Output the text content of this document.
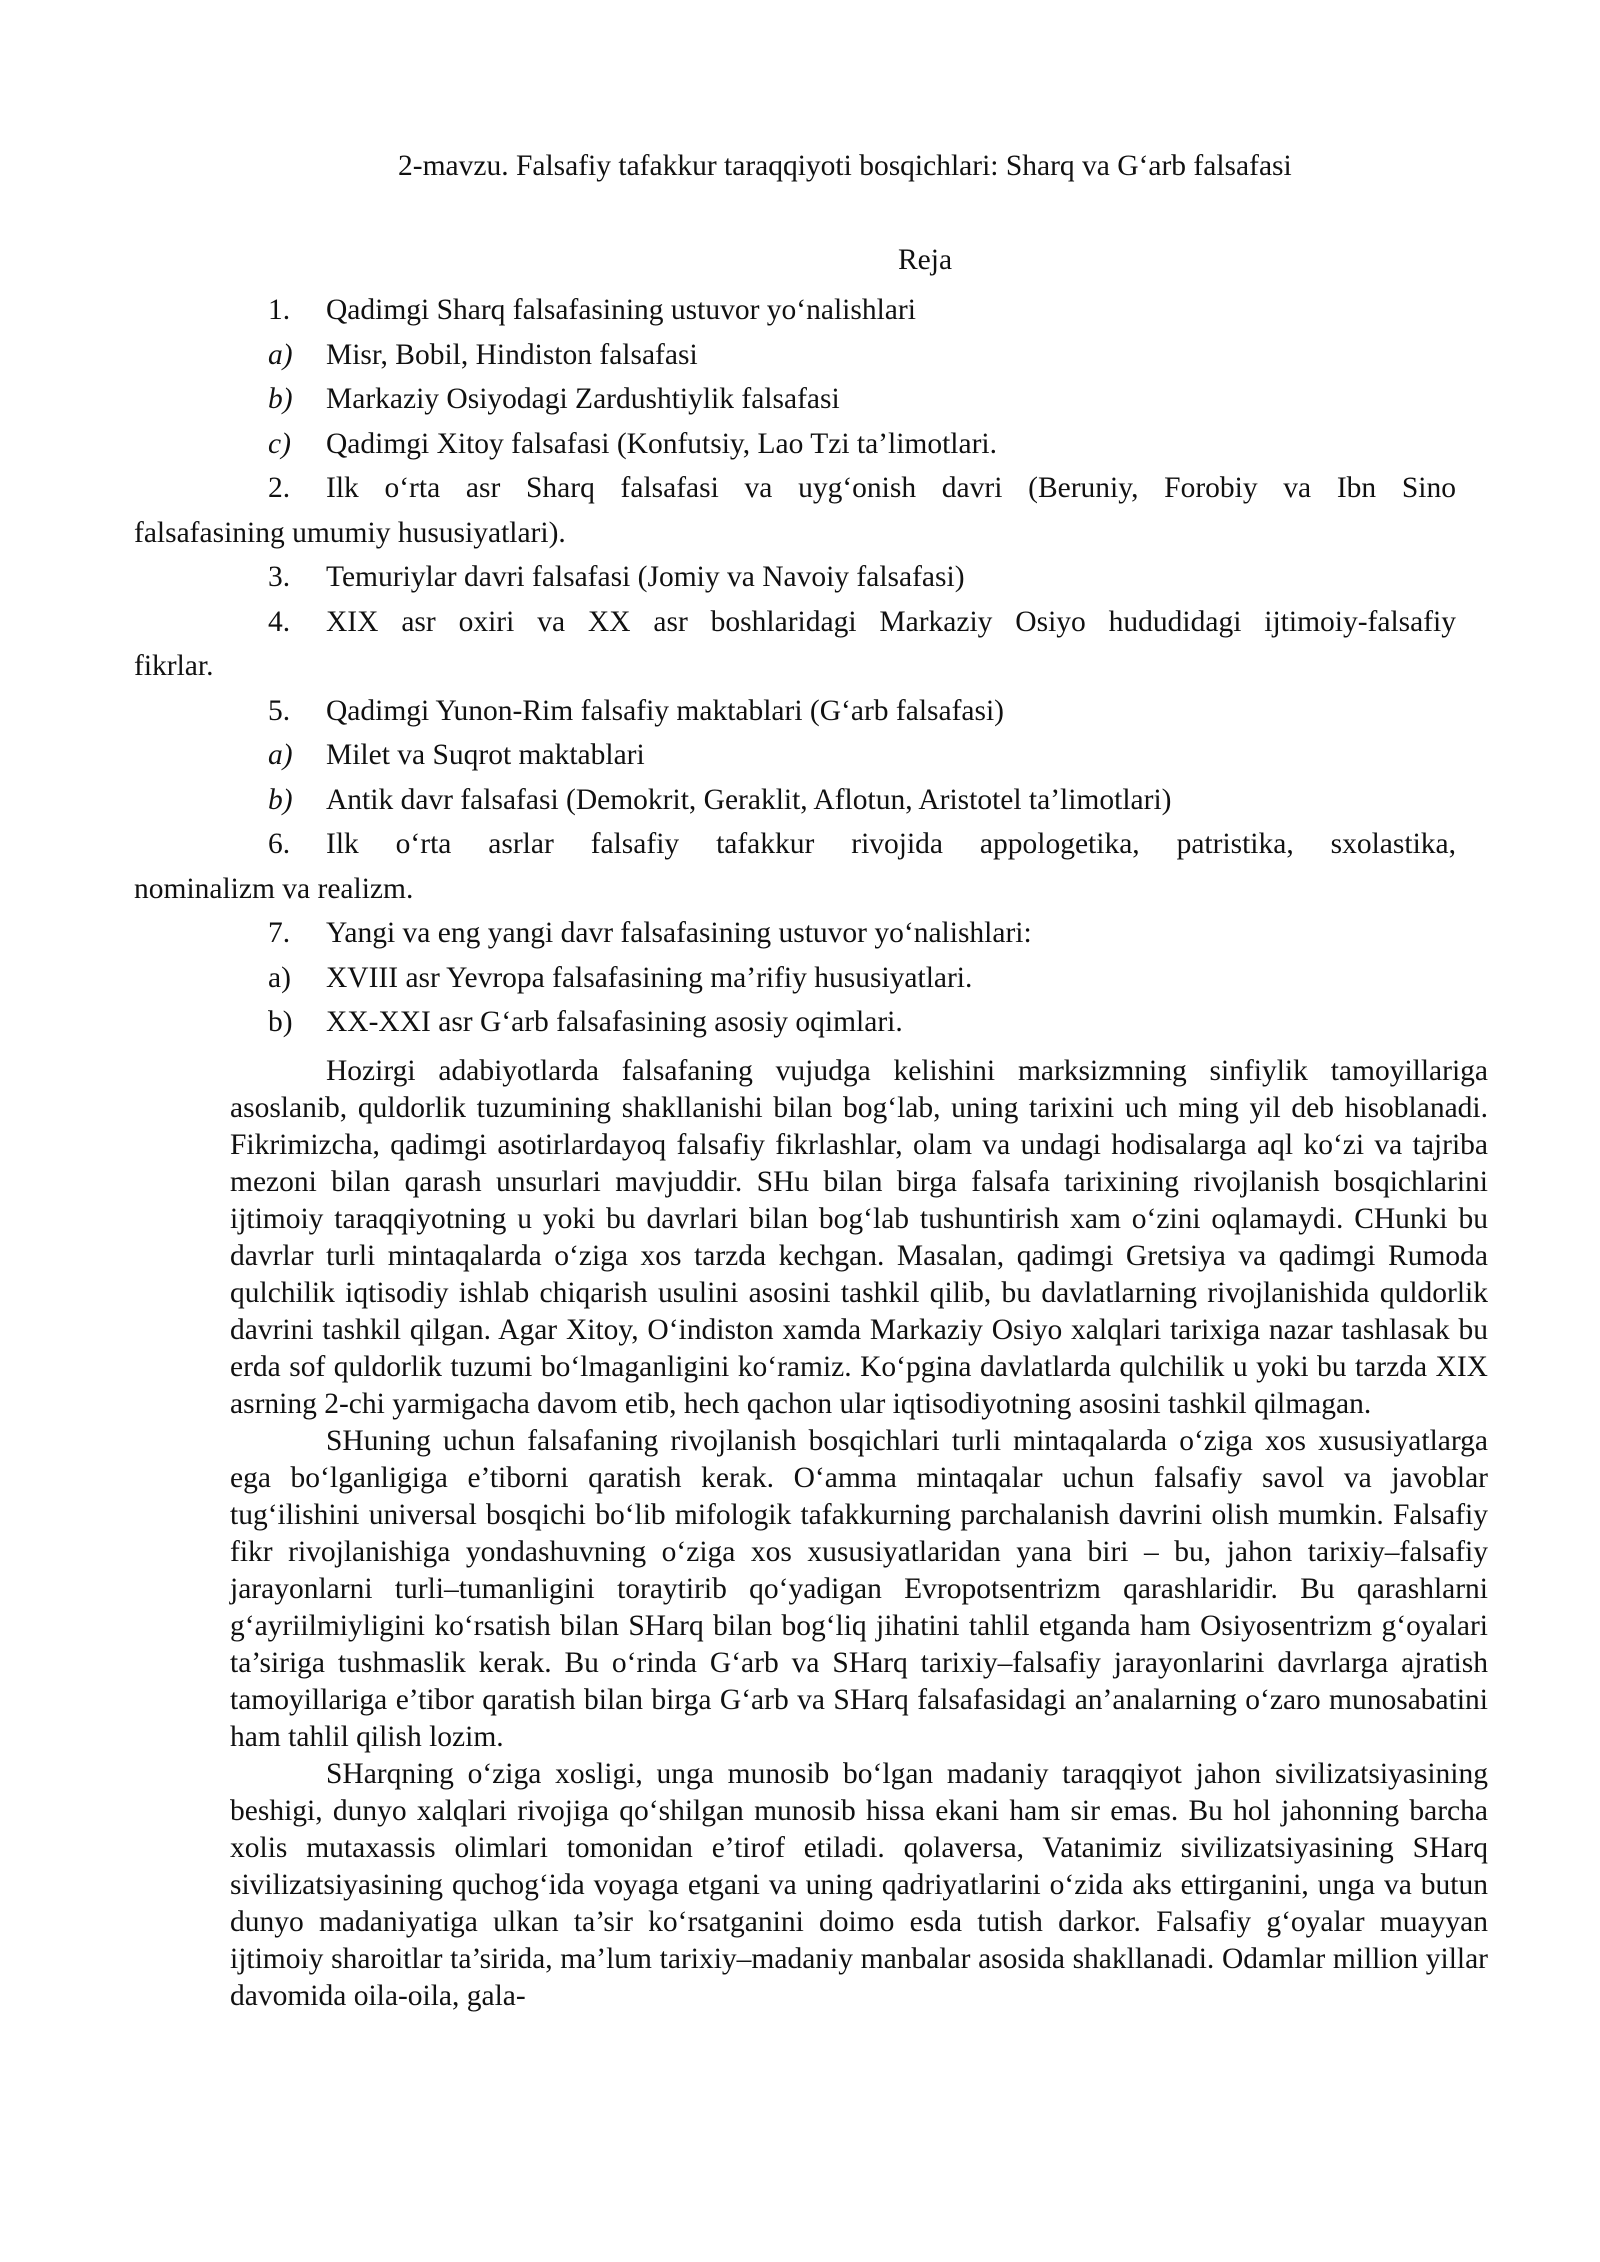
2-mavzu. Falsafiy tafakkur taraqqiyoti bosqichlari: Sharq va G‘arb falsafasi
Reja
1. Qadimgi Sharq falsafasining ustuvor yo‘nalishlari
a) Misr, Bobil, Hindiston falsafasi
b) Markaziy Osiyodagi Zardushtiylik falsafasi
c) Qadimgi Xitoy falsafasi (Konfutsiy, Lao Tzi ta’limotlari.
2. Ilk o‘rta asr Sharq falsafasi va uyg‘onish davri (Beruniy, Forobiy va Ibn Sino
falsafasining umumiy hususiyatlari).
3. Temuriylar davri falsafasi (Jomiy va Navoiy falsafasi)
4. XIX asr oxiri va XX asr boshlaridagi Markaziy Osiyo hududidagi ijtimoiy-falsafiy
fikrlar.
5. Qadimgi Yunon-Rim falsafiy maktablari (G‘arb falsafasi)
a) Milet va Suqrot maktablari
b) Antik davr falsafasi (Demokrit, Geraklit, Aflotun, Aristotel ta’limotlari)
6. Ilk o‘rta asrlar falsafiy tafakkur rivojida appologetika, patristika, sxolastika,
nominalizm va realizm.
7. Yangi va eng yangi davr falsafasining ustuvor yo‘nalishlari:
a) XVIII asr Yevropa falsafasining ma’rifiy hususiyatlari.
b) XX-XXI asr G‘arb falsafasining asosiy oqimlari.

Hozirgi adabiyotlarda falsafaning vujudga kelishini marksizmning sinfiylik tamoyillariga asoslanib, quldorlik tuzumining shakllanishi bilan bog‘lab, uning tarixini uch ming yil deb hisoblanadi. Fikrimizcha, qadimgi asotirlardayoq falsafiy fikrlashlar, olam va undagi hodisalarga aql ko‘zi va tajriba mezoni bilan qarash unsurlari mavjuddir. SHu bilan birga falsafa tarixining rivojlanish bosqichlarini ijtimoiy taraqqiyotning u yoki bu davrlari bilan bog‘lab tushuntirish xam o‘zini oqlamaydi. CHunki bu davrlar turli mintaqalarda o‘ziga xos tarzda kechgan. Masalan, qadimgi Gretsiya va qadimgi Rumoda qulchilik iqtisodiy ishlab chiqarish usulini asosini tashkil qilib, bu davlatlarning rivojlanishida quldorlik davrini tashkil qilgan. Agar Xitoy, O‘indiston xamda Markaziy Osiyo xalqlari tarixiga nazar tashlasak bu erda sof quldorlik tuzumi bo‘lmaganligini ko‘ramiz. Ko‘pgina davlatlarda qulchilik u yoki bu tarzda XIX asrning 2-chi yarmigacha davom etib, hech qachon ular iqtisodiyotning asosini tashkil qilmagan.

SHuning uchun falsafaning rivojlanish bosqichlari turli mintaqalarda o‘ziga xos xususiyatlarga ega bo‘lganligiga e’tiborni qaratish kerak. O‘amma mintaqalar uchun falsafiy savol va javoblar tug‘ilishini universal bosqichi bo‘lib mifologik tafakkurning parchalanish davrini olish mumkin. Falsafiy fikr rivojlanishiga yondashuvning o‘ziga xos xususiyatlaridan yana biri – bu, jahon tarixiy–falsafiy jarayonlarni turli–tumanligini toraytirib qo‘yadigan Evropotsentrizm qarashlaridir. Bu qarashlarni g‘ayriilmiyligini ko‘rsatish bilan SHarq bilan bog‘liq jihatini tahlil etganda ham Osiyosentrizm g‘oyalari ta’siriga tushmaslik kerak. Bu o‘rinda G‘arb va SHarq tarixiy–falsafiy jarayonlarini davrlarga ajratish tamoyillariga e’tibor qaratish bilan birga G‘arb va SHarq falsafasidagi an’analarning o‘zaro munosabatini ham tahlil qilish lozim.

SHarqning o‘ziga xosligi, unga munosib bo‘lgan madaniy taraqqiyot jahon sivilizatsiyasining beshigi, dunyo xalqlari rivojiga qo‘shilgan munosib hissa ekani ham sir emas. Bu hol jahonning barcha xolis mutaxassis olimlari tomonidan e’tirof etiladi. qolaversa, Vatanimiz sivilizatsiyasining SHarq sivilizatsiyasining quchog‘ida voyaga etgani va uning qadriyatlarini o‘zida aks ettirganini, unga va butun dunyo madaniyatiga ulkan ta’sir ko‘rsatganini doimo esda tutish darkor. Falsafiy g‘oyalar muayyan ijtimoiy sharoitlar ta’sirida, ma’lum tarixiy–madaniy manbalar asosida shakllanadi. Odamlar million yillar davomida oila-oila, gala-
